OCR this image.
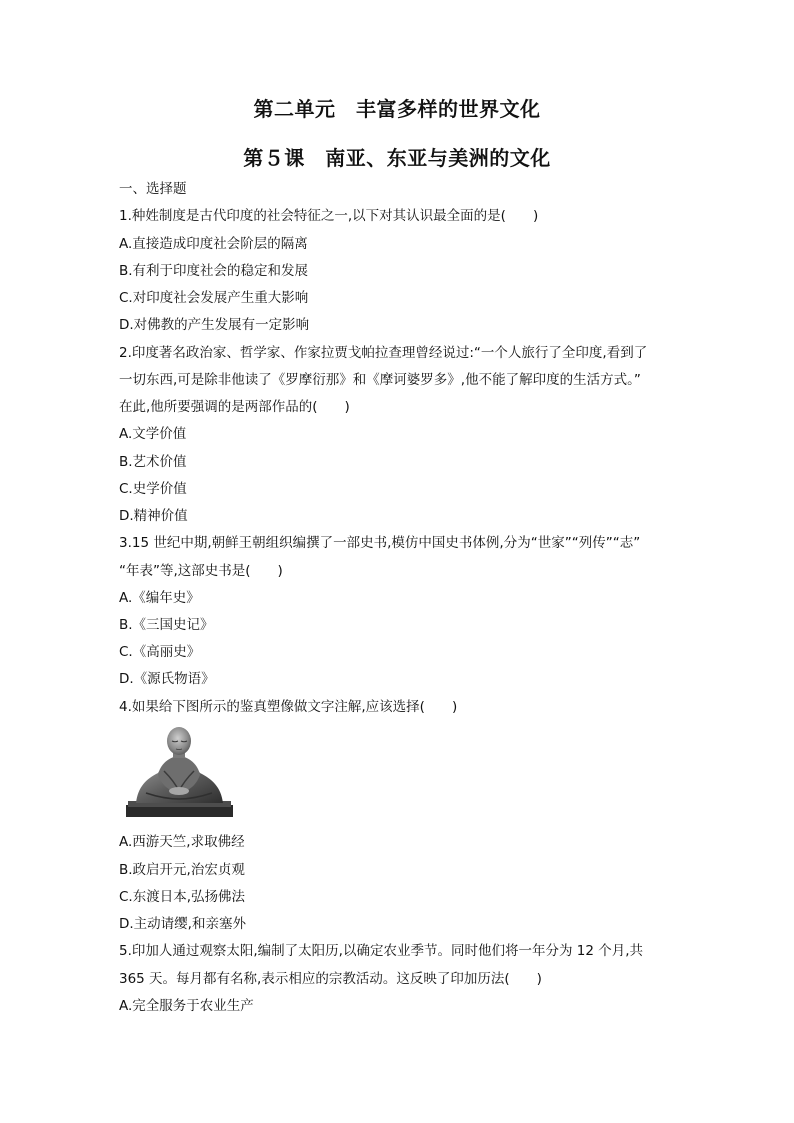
第二单元　丰富多样的世界文化
第５课　南亚、东亚与美洲的文化
一、选择题
1.种姓制度是古代印度的社会特征之一,以下对其认识最全面的是(　　)
A.直接造成印度社会阶层的隔离
B.有利于印度社会的稳定和发展
C.对印度社会发展产生重大影响
D.对佛教的产生发展有一定影响
2.印度著名政治家、哲学家、作家拉贾戈帕拉查理曾经说过:“一个人旅行了全印度,看到了
一切东西,可是除非他读了《罗摩衍那》和《摩诃婆罗多》,他不能了解印度的生活方式。”
在此,他所要强调的是两部作品的(　　)
A.文学价值
B.艺术价值
C.史学价值
D.精神价值
3.15 世纪中期,朝鲜王朝组织编撰了一部史书,模仿中国史书体例,分为“世家”“列传”“志”
“年表”等,这部史书是(　　)
A.《编年史》
B.《三国史记》
C.《高丽史》
D.《源氏物语》
4.如果给下图所示的鉴真塑像做文字注解,应该选择(　　)
A.西游天竺,求取佛经
B.政启开元,治宏贞观
C.东渡日本,弘扬佛法
D.主动请缨,和亲塞外
5.印加人通过观察太阳,编制了太阳历,以确定农业季节。同时他们将一年分为 12 个月,共
365 天。每月都有名称,表示相应的宗教活动。这反映了印加历法(　　)
A.完全服务于农业生产
